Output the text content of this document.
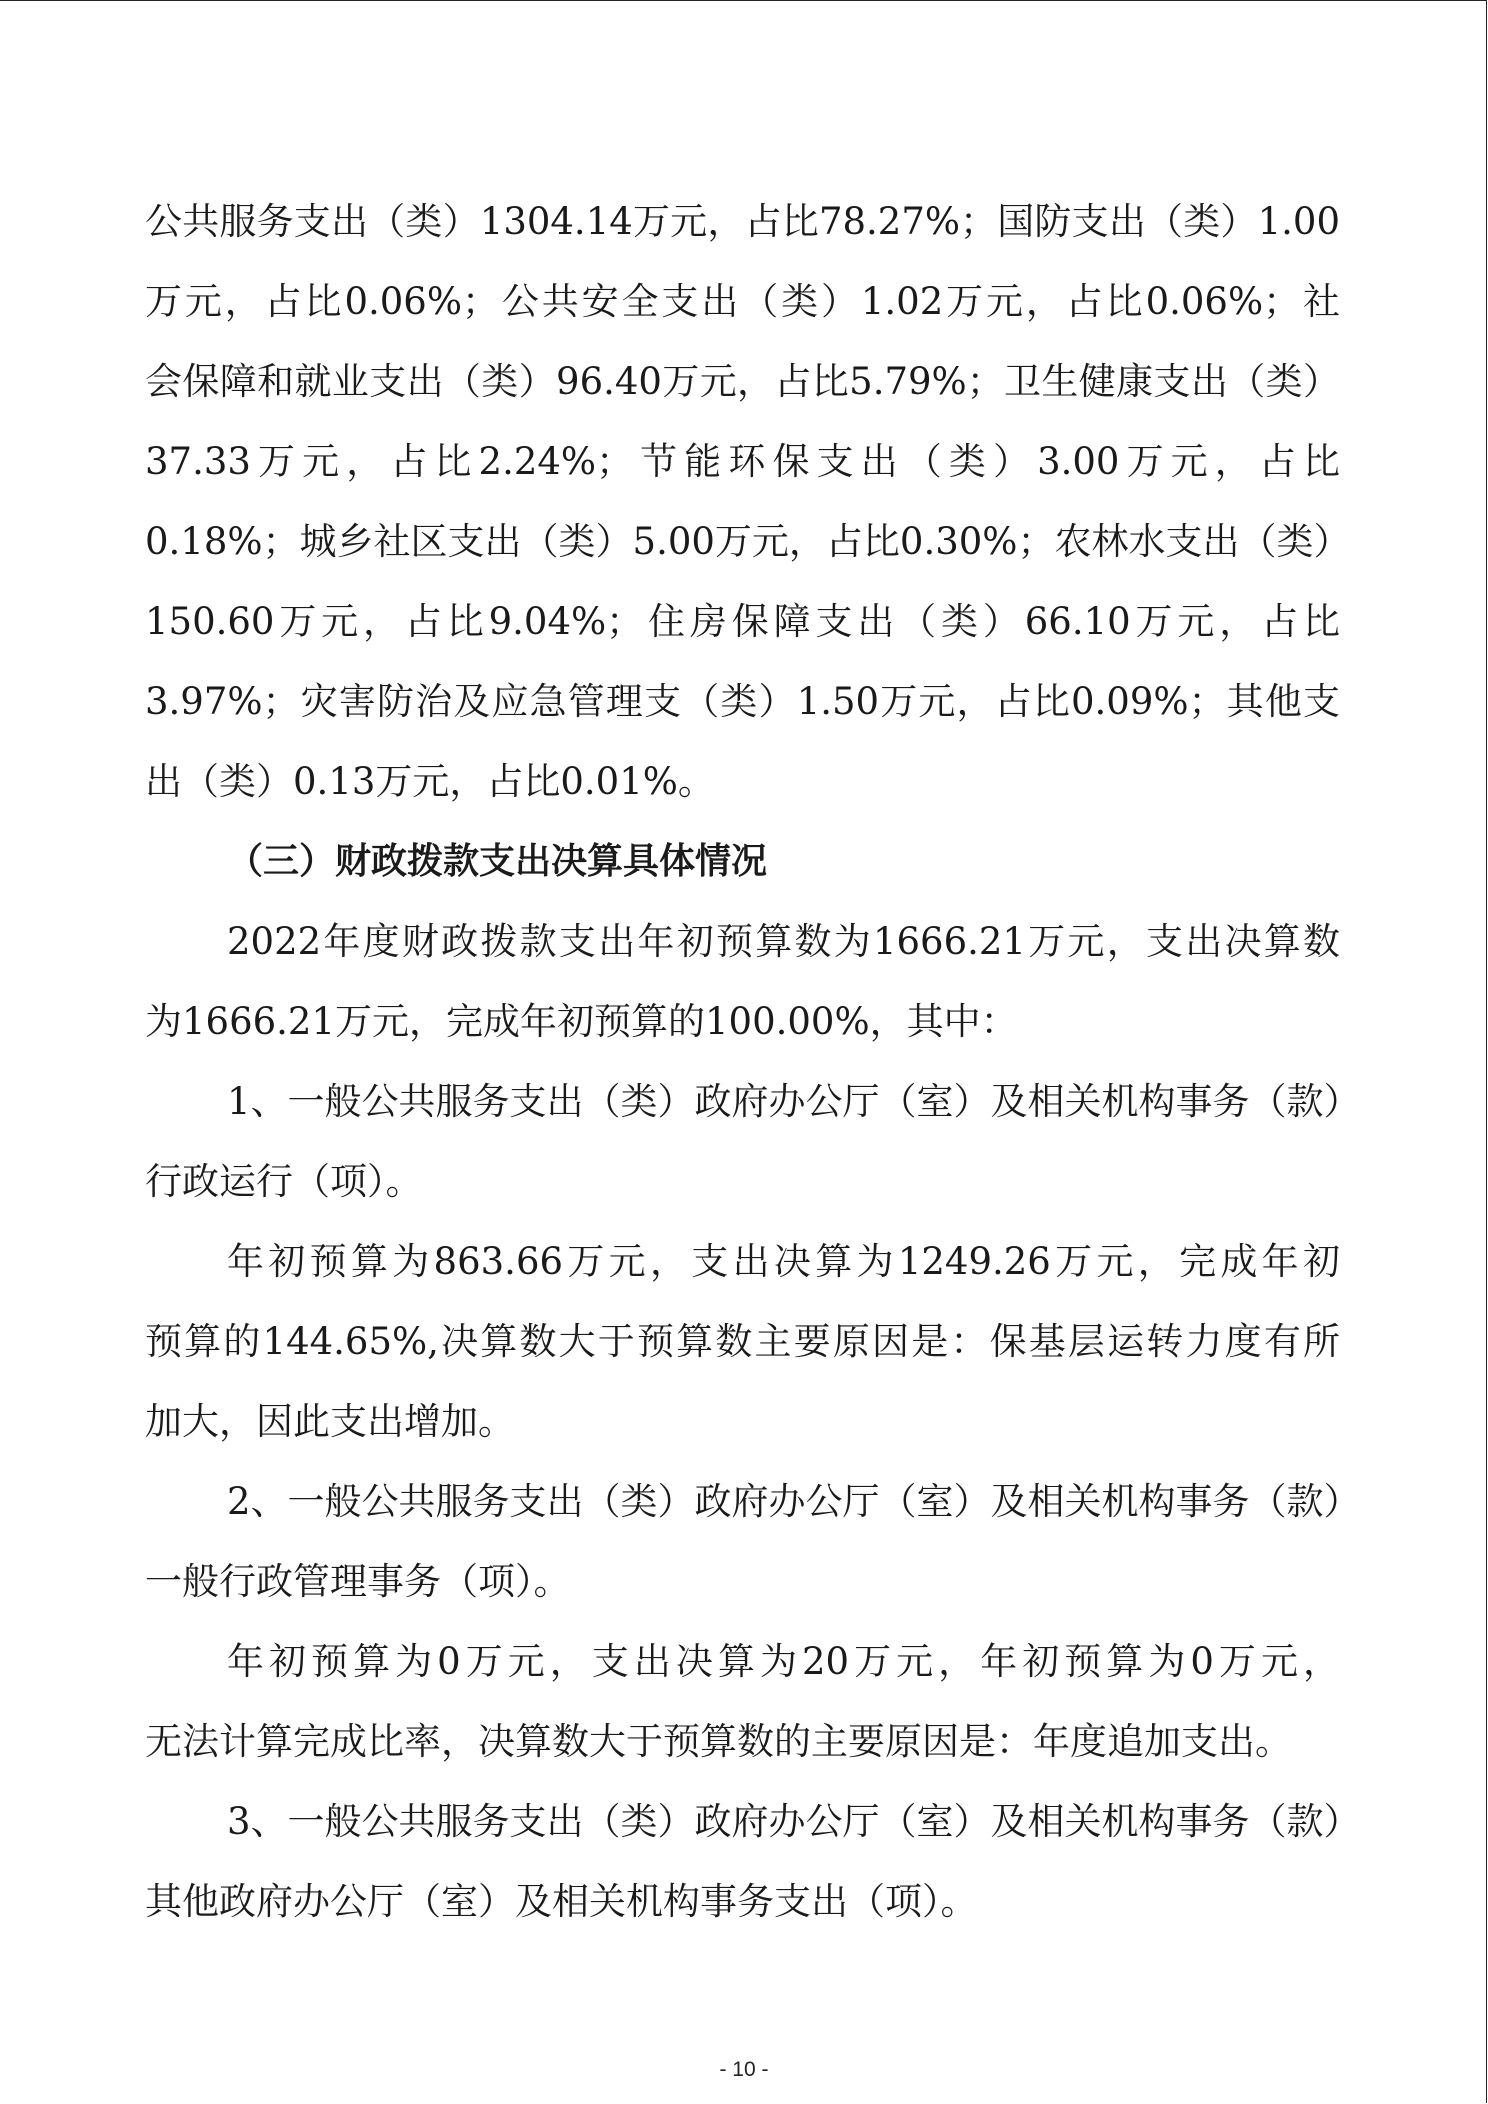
公共服务支出（类）1304.14万元，占比78.27%；国防支出（类）1.00
万元，占比0.06%；公共安全支出（类）1.02万元，占比0.06%；社
会保障和就业支出（类）96.40万元，占比5.79%；卫生健康支出（类）
37.33万元，占比2.24%；节能环保支出（类）3.00万元，占比
0.18%；城乡社区支出（类）5.00万元，占比0.30%；农林水支出（类）
150.60万元，占比9.04%；住房保障支出（类）66.10万元，占比
3.97%；灾害防治及应急管理支（类）1.50万元，占比0.09%；其他支
出（类）0.13万元，占比0.01%。
（三）财政拨款支出决算具体情况
2022年度财政拨款支出年初预算数为1666.21万元，支出决算数
为1666.21万元，完成年初预算的100.00%，其中：
1、一般公共服务支出（类）政府办公厅（室）及相关机构事务（款）
行政运行（项）。
年初预算为863.66万元，支出决算为1249.26万元，完成年初
预算的144.65%,决算数大于预算数主要原因是：保基层运转力度有所
加大，因此支出增加。
2、一般公共服务支出（类）政府办公厅（室）及相关机构事务（款）
一般行政管理事务（项）。
年初预算为0万元，支出决算为20万元，年初预算为0万元，
无法计算完成比率，决算数大于预算数的主要原因是：年度追加支出。
3、一般公共服务支出（类）政府办公厅（室）及相关机构事务（款）
其他政府办公厅（室）及相关机构事务支出（项）。
- 10 -
